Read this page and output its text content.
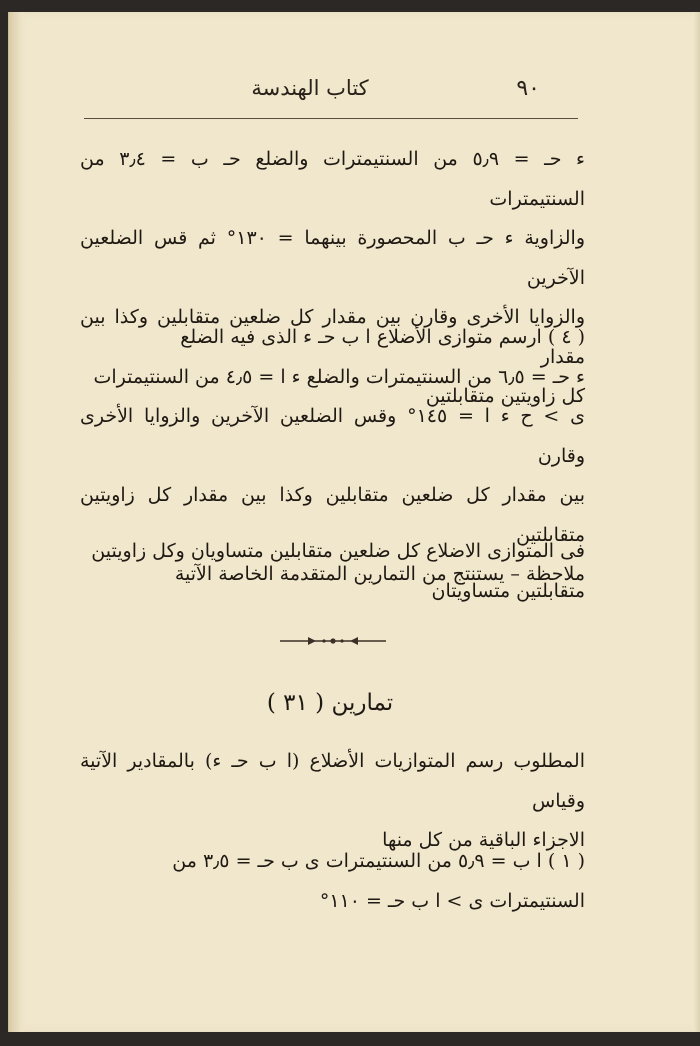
٩٠
كتاب الهندسة
ء حـ = ٥٫٩ من السنتيمترات والضلع حـ ب = ٣٫٤ من السنتيمترات
والزاوية ء حـ ب المحصورة بينهما = ١٣٠° ثم قس الضلعين الآخرين
والزوايا الأخرى وقارن بين مقدار كل ضلعين متقابلين وكذا بين مقدار
كل زاويتين متقابلتين
( ٤ ) ارسم متوازى الأضلاع ا ب حـ ء الذى فيه الضلع
ء حـ = ٦٫٥ من السنتيمترات والضلع ء ا = ٤٫٥ من السنتيمترات
ى > ح ء ا = ١٤٥° وقس الضلعين الآخرين والزوايا الأخرى وقارن
بين مقدار كل ضلعين متقابلين وكذا بين مقدار كل زاويتين متقابلتين
ملاحظة – يستنتج من التمارين المتقدمة الخاصة الآتية
فى المتوازى الاضلاع كل ضلعين متقابلين متساويان وكل زاويتين
متقابلتين متساويتان
تمارين ( ٣١ )
المطلوب رسم المتوازيات الأضلاع (ا ب حـ ء) بالمقادير الآتية وقياس
الاجزاء الباقية من كل منها
( ١ ) ا ب = ٥٫٩ من السنتيمترات ى ب حـ = ٣٫٥ من
السنتيمترات ى > ا ب حـ = ١١٠°
